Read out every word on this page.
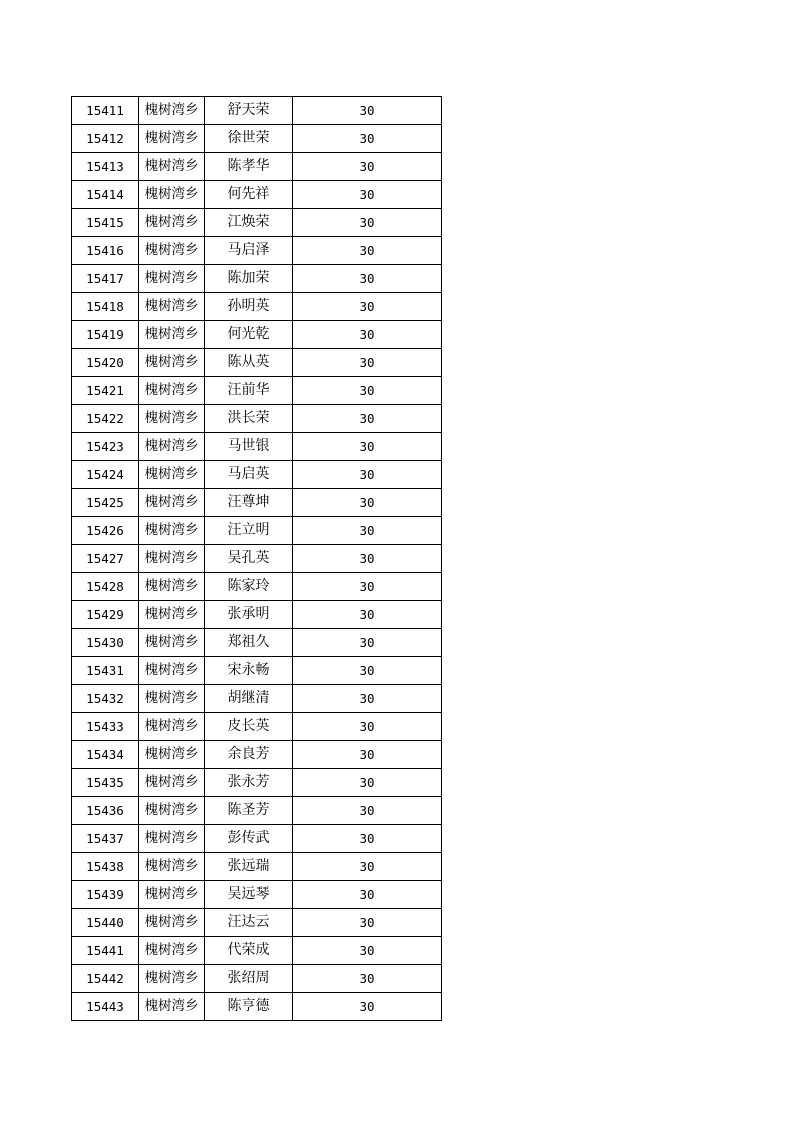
15411	槐树湾乡	舒天荣	30
15412	槐树湾乡	徐世荣	30
15413	槐树湾乡	陈孝华	30
15414	槐树湾乡	何先祥	30
15415	槐树湾乡	江焕荣	30
15416	槐树湾乡	马启泽	30
15417	槐树湾乡	陈加荣	30
15418	槐树湾乡	孙明英	30
15419	槐树湾乡	何光乾	30
15420	槐树湾乡	陈从英	30
15421	槐树湾乡	汪前华	30
15422	槐树湾乡	洪长荣	30
15423	槐树湾乡	马世银	30
15424	槐树湾乡	马启英	30
15425	槐树湾乡	汪尊坤	30
15426	槐树湾乡	汪立明	30
15427	槐树湾乡	吴孔英	30
15428	槐树湾乡	陈家玲	30
15429	槐树湾乡	张承明	30
15430	槐树湾乡	郑祖久	30
15431	槐树湾乡	宋永畅	30
15432	槐树湾乡	胡继清	30
15433	槐树湾乡	皮长英	30
15434	槐树湾乡	余良芳	30
15435	槐树湾乡	张永芳	30
15436	槐树湾乡	陈圣芳	30
15437	槐树湾乡	彭传武	30
15438	槐树湾乡	张远瑞	30
15439	槐树湾乡	吴远琴	30
15440	槐树湾乡	汪达云	30
15441	槐树湾乡	代荣成	30
15442	槐树湾乡	张绍周	30
15443	槐树湾乡	陈亨德	30
